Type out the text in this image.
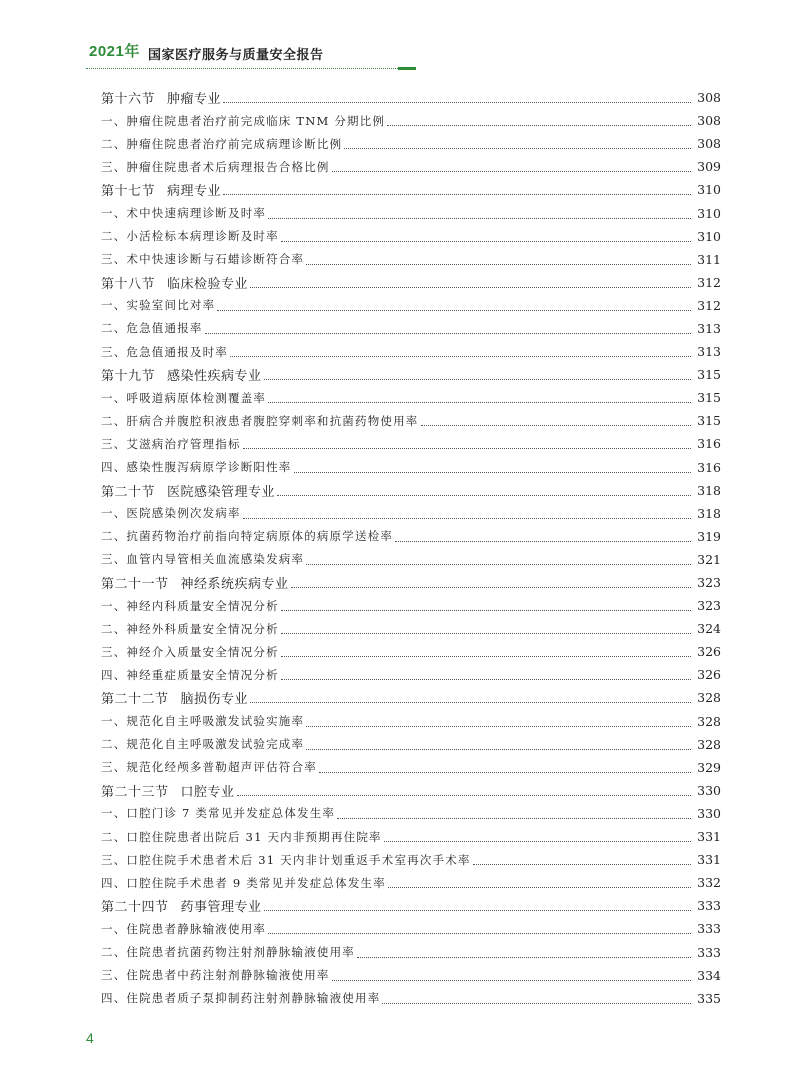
2021年 国家医疗服务与质量安全报告
第十六节 肿瘤专业	308
一、肿瘤住院患者治疗前完成临床 TNM 分期比例	308
二、肿瘤住院患者治疗前完成病理诊断比例	308
三、肿瘤住院患者术后病理报告合格比例	309
第十七节 病理专业	310
一、术中快速病理诊断及时率	310
二、小活检标本病理诊断及时率	310
三、术中快速诊断与石蜡诊断符合率	311
第十八节 临床检验专业	312
一、实验室间比对率	312
二、危急值通报率	313
三、危急值通报及时率	313
第十九节 感染性疾病专业	315
一、呼吸道病原体检测覆盖率	315
二、肝病合并腹腔积液患者腹腔穿刺率和抗菌药物使用率	315
三、艾滋病治疗管理指标	316
四、感染性腹泻病原学诊断阳性率	316
第二十节 医院感染管理专业	318
一、医院感染例次发病率	318
二、抗菌药物治疗前指向特定病原体的病原学送检率	319
三、血管内导管相关血流感染发病率	321
第二十一节 神经系统疾病专业	323
一、神经内科质量安全情况分析	323
二、神经外科质量安全情况分析	324
三、神经介入质量安全情况分析	326
四、神经重症质量安全情况分析	326
第二十二节 脑损伤专业	328
一、规范化自主呼吸激发试验实施率	328
二、规范化自主呼吸激发试验完成率	328
三、规范化经颅多普勒超声评估符合率	329
第二十三节 口腔专业	330
一、口腔门诊 7 类常见并发症总体发生率	330
二、口腔住院患者出院后 31 天内非预期再住院率	331
三、口腔住院手术患者术后 31 天内非计划重返手术室再次手术率	331
四、口腔住院手术患者 9 类常见并发症总体发生率	332
第二十四节 药事管理专业	333
一、住院患者静脉输液使用率	333
二、住院患者抗菌药物注射剂静脉输液使用率	333
三、住院患者中药注射剂静脉输液使用率	334
四、住院患者质子泵抑制药注射剂静脉输液使用率	335
4
